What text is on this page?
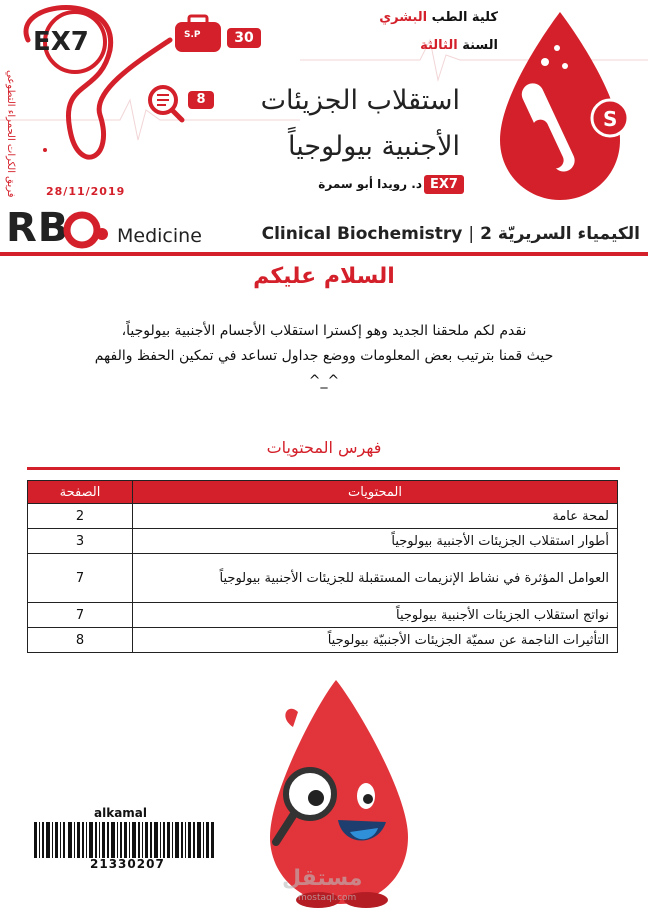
S
فريق الكرات الحمراء التطوعي
EX7	S.P	30
8
كلية الطب البشري
السنة الثالثة
استقلاب الجزيئات
الأجنبية بيولوجياً
د. رويدا أبو سمرة EX7
28/11/2019
RB	Medicine	Clinical Biochemistry | الكيمياء السريريّة 2
السلام عليكم
نقدم لكم ملحقنا الجديد وهو إكسترا استقلاب الأجسام الأجنبية بيولوجياً،
حيث قمنا بترتيب بعض المعلومات ووضع جداول تساعد في تمكين الحفظ والفهم
^_^
فهرس المحتويات
المحتويات	الصفحة
لمحة عامة	2
أطوار استقلاب الجزيئات الأجنبية بيولوجياً	3
العوامل المؤثرة في نشاط الإنزيمات المستقبلة للجزيئات الأجنبية بيولوجياً	7
نواتج استقلاب الجزيئات الأجنبية بيولوجياً	7
التأثيرات الناجمة عن سميّة الجزيئات الأجنبيّة بيولوجياً	8
alkamal
21330207
مستقل
mostaql.com
